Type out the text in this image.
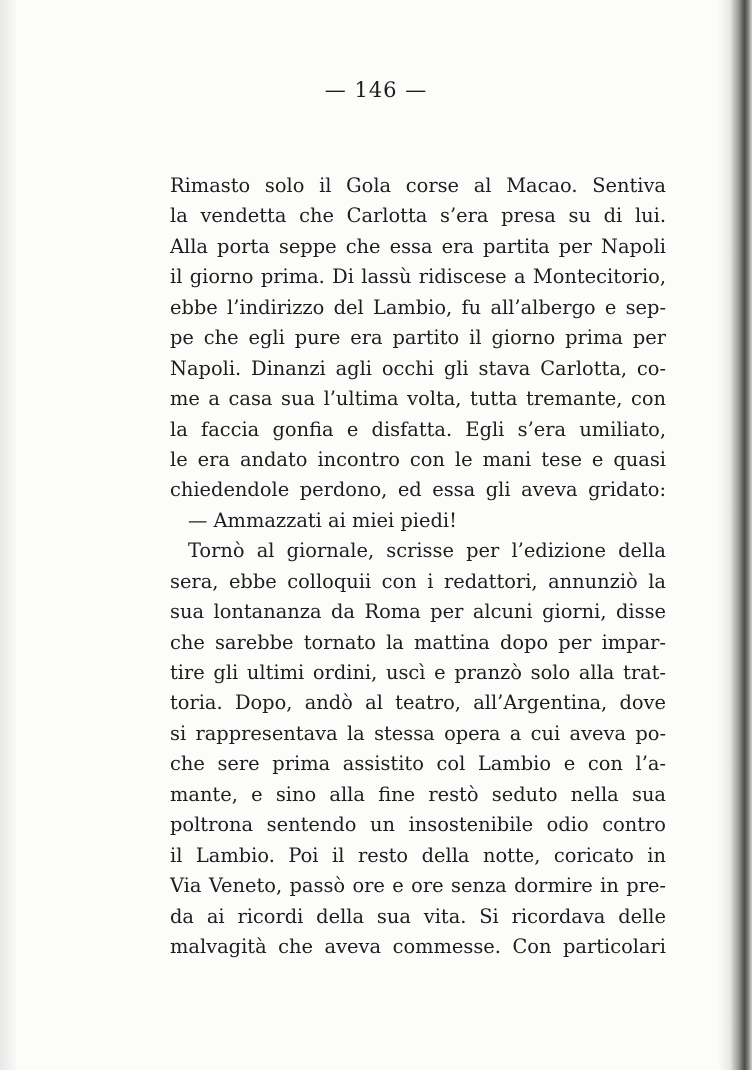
— 146 —
Rimasto solo il Gola corse al Macao. Sentiva
la vendetta che Carlotta s’era presa su di lui.
Alla porta seppe che essa era partita per Napoli
il giorno prima. Di lassù ridiscese a Montecitorio,
ebbe l’indirizzo del Lambio, fu all’albergo e sep-
pe che egli pure era partito il giorno prima per
Napoli. Dinanzi agli occhi gli stava Carlotta, co-
me a casa sua l’ultima volta, tutta tremante, con
la faccia gonfia e disfatta. Egli s’era umiliato,
le era andato incontro con le mani tese e quasi
chiedendole perdono, ed essa gli aveva gridato:
— Ammazzati ai miei piedi!
Tornò al giornale, scrisse per l’edizione della
sera, ebbe colloquii con i redattori, annunziò la
sua lontananza da Roma per alcuni giorni, disse
che sarebbe tornato la mattina dopo per impar-
tire gli ultimi ordini, uscì e pranzò solo alla trat-
toria. Dopo, andò al teatro, all’Argentina, dove
si rappresentava la stessa opera a cui aveva po-
che sere prima assistito col Lambio e con l’a-
mante, e sino alla fine restò seduto nella sua
poltrona sentendo un insostenibile odio contro
il Lambio. Poi il resto della notte, coricato in
Via Veneto, passò ore e ore senza dormire in pre-
da ai ricordi della sua vita. Si ricordava delle
malvagità che aveva commesse. Con particolari
